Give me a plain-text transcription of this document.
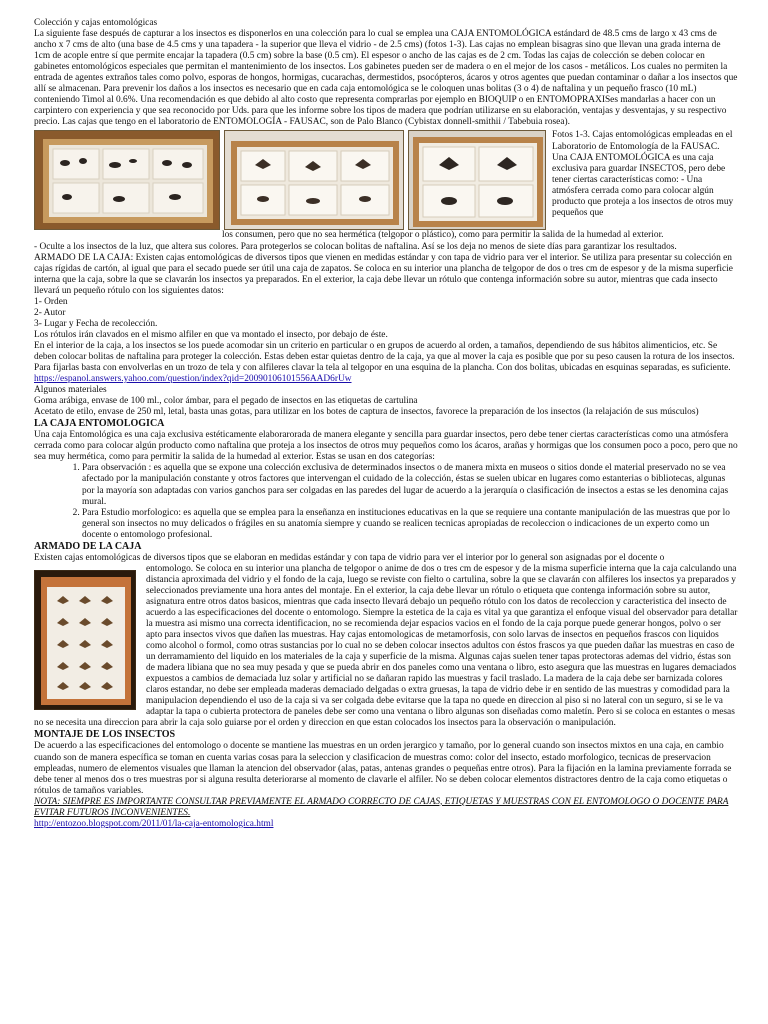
Colección y cajas entomológicas

La siguiente fase después de capturar a los insectos es disponerlos en una colección para lo cual se emplea una CAJA ENTOMOLÓGICA estándard de 48.5 cms de largo x 43 cms de ancho x 7 cms de alto (una base de 4.5 cms y una tapadera - la superior que lleva el vidrio - de 2.5 cms) (fotos 1-3). Las cajas no emplean bisagras sino que llevan una grada interna de 1cm de acople entre sí que permite encajar la tapadera (0.5 cm) sobre la base (0.5 cm). El espesor o ancho de las cajas es de 2 cm. Todas las cajas de colección se deben colocar en gabinetes entomológicos especiales que permitan el mantenimiento de los insectos. Los gabinetes pueden ser de madera o en el mejor de los casos - metálicos. Los cuales no permiten la entrada de agentes extraños tales como polvo, esporas de hongos, hormigas, cucarachas, dermestidos, psocópteros, ácaros y otros agentes que puedan contaminar o dañar a los insectos que allí se almacenan. Para prevenir los daños a los insectos es necesario que en cada caja entomológica se le coloquen unas bolitas (3 o 4) de naftalina y un pequeño frasco (10 mL) conteniendo Timol al 0.6%. Una recomendación es que debido al alto costo que representa comprarlas por ejemplo en BIOQUIP o en ENTOMOPRAXISes mandarlas a hacer con un carpintero con experiencia y que sea reconocido por Uds. para que les informe sobre los tipos de madera que podrían utilizarse en su elaboración, ventajas y desventajas, y su respectivo precio. Las cajas que tengo en el laboratorio de ENTOMOLOGÍA - FAUSAC, son de Palo Blanco (Cybistax donnell-smithii / Tabebuia rosea).

Fotos 1-3. Cajas entomológicas empleadas en el Laboratorio de Entomología de la FAUSAC.

Una CAJA ENTOMOLÓGICA es una caja exclusiva para guardar INSECTOS, pero debe tener ciertas características como: - Una atmósfera cerrada como para colocar algún producto que proteja a los insectos de otros muy pequeños que

los consumen, pero que no sea hermética (telgopor o plástico), como para permitir la salida de la humedad al exterior.

- Oculte a los insectos de la luz, que altera sus colores. Para protegerlos se colocan bolitas de naftalina. Así se los deja no menos de siete días para garantizar los resultados.

ARMADO DE LA CAJA: Existen cajas entomológicas de diversos tipos que vienen en medidas estándar y con tapa de vidrio para ver el interior. Se utiliza para presentar su colección en cajas rígidas de cartón, al igual que para el secado puede ser útil una caja de zapatos. Se coloca en su interior una plancha de telgopor de dos o tres cm de espesor y de la misma superficie interna que la caja, sobre la que se clavarán los insectos ya preparados. En el exterior, la caja debe llevar un rótulo que contenga información sobre su autor, mientras que cada insecto llevará un pequeño rótulo con los siguientes datos:

1- Orden

2- Autor

3- Lugar y Fecha de recolección.

Los rótulos irán clavados en el mismo alfiler en que va montado el insecto, por debajo de éste.

En el interior de la caja, a los insectos se los puede acomodar sin un criterio en particular o en grupos de acuerdo al orden, a tamaños, dependiendo de sus hábitos alimenticios, etc. Se deben colocar bolitas de naftalina para proteger la colección. Estas deben estar quietas dentro de la caja, ya que al mover la caja es posible que por su peso causen la rotura de los insectos. Para fijarlas basta con envolverlas en un trozo de tela y con alfileres clavar la tela al telgopor en una esquina de la plancha. Con dos bolitas, ubicadas en esquinas separadas, es suficiente.

https://espanol.answers.yahoo.com/question/index?qid=20090106101556AAD6rUw

Algunos materiales

Goma arábiga, envase de 100 ml., color ámbar, para el pegado de insectos en las etiquetas de cartulina

Acetato de etilo, envase de 250 ml, letal, basta unas gotas, para utilizar en los botes de captura de insectos, favorece la preparación de los insectos (la relajación de sus músculos)

LA CAJA ENTOMOLOGICA

Una caja Entomológica es una caja exclusiva estéticamente elaborarorada de manera elegante y sencilla para guardar insectos, pero debe tener ciertas características como una atmósfera cerrada como para colocar algún producto como naftalina que proteja a los insectos de otros muy pequeños como los ácaros, arañas y hormigas que los consumen poco a poco, pero que no sea muy hermética, como para permitir la salida de la humedad al exterior. Estas se usan en dos categorías:

1. Para observación : es aquella que se expone una colección exclusiva de determinados insectos o de manera mixta en museos o sitios donde el material preservado no se vea afectado por la manipulación constante y otros factores que intervengan el cuidado de la colección, éstas se suelen ubicar en lugares como estanterias o bibliotecas, algunas por la mayoría son adaptadas con varios ganchos para ser colgadas en las paredes del lugar de acuerdo a la jerarquía o clasificación de insectos a estas se les denomina cajas mural.
2. Para Estudio morfologico: es aquella que se emplea para la enseñanza en instituciones educativas en la que se requiere una contante manipulación de las muestras que por lo general son insectos no muy delicados o frágiles en su anatomía siempre y cuando se realicen tecnicas apropiadas de recoleccion o indicaciones de un experto como un docente o entomologo profesional.

ARMADO DE LA CAJA

Existen cajas entomológicas de diversos tipos que se elaboran en medidas estándar y con tapa de vidrio para ver el interior por lo general son asignadas por el docente o

entomologo. Se coloca en su interior una plancha de telgopor o anime de dos o tres cm de espesor y de la misma superficie interna que la caja calculando una distancia aproximada del vidrio y el fondo de la caja, luego se reviste con fielto o cartulina, sobre la que se clavarán con alfileres los insectos ya preparados y seleccionados previamente una hora antes del montaje. En el exterior, la caja debe llevar un rótulo o etiqueta que contenga información sobre su autor, asignatura entre otros datos basicos, mientras que cada insecto llevará debajo un pequeño rótulo con los datos de recoleccion y caracteristica del insecto de acuerdo a las especificaciones del docente o entomologo. Siempre la estetica de la caja es vital ya que garantiza el enfoque visual del observador para detallar la muestra asi mismo una correcta identificacion, no se recomienda dejar espacios vacios en el fondo de la caja porque puede generar hongos, polvo o ser apto para insectos vivos que dañen las muestras. Hay cajas entomologicas de metamorfosis, con solo larvas de insectos en pequeños frascos con liquidos como alcohol o formol, como otras sustancias por lo cual no se deben colocar insectos adultos con éstos frascos ya que pueden dañar las muestras en caso de un derramamiento del liquido en los materiales de la caja y superficie de la misma. Algunas cajas suelen tener tapas protectoras ademas del vidrio, éstas son de madera libiana que no sea muy pesada y que se pueda abrir en dos paneles como una ventana o libro, esto asegura que las muestras en lugares demaciados expuestos a cambios de demaciada luz solar y artificial no se dañaran rapido las muestras y facil traslado. La madera de la caja debe ser barnizada colores claros estandar, no debe ser empleada maderas demaciado delgadas o extra gruesas, la tapa de vidrio debe ir en sentido de las muestras y comodidad para la manipulacion dependiendo el uso de la caja si va ser colgada debe evitarse que la tapa no quede en direccion al piso si no lateral con un seguro, si se le va adaptar la tapa o cubierta protectora de paneles debe ser como una ventana o libro algunas son diseñadas como maletín. Pero si se coloca en estantes o mesas no se necesita una direccion para abrir la caja solo guiarse por el orden y direccion en que estan colocados los insectos para la observación o manipulación.

MONTAJE DE LOS INSECTOS

De acuerdo a las especificaciones del entomologo o docente se mantiene las muestras en un orden jerargico y tamaño, por lo general cuando son insectos mixtos en una caja, en cambio cuando son de manera específica se toman en cuenta varias cosas para la seleccion y clasificacion de muestras como: color del insecto, estado morfologico, tecnicas de preservacion empleadas, numero de elementos visuales que llaman la atencion del observador (alas, patas, antenas grandes o pequeñas entre otros). Para la fijación en la lamina previamente forrada se debe tener al menos dos o tres muestras por si alguna resulta deteriorarse al momento de clavarle el alfiler. No se deben colocar elementos distractores dentro de la caja como etiquetas o rótulos de tamaños variables.

NOTA: SIEMPRE ES IMPORTANTE CONSULTAR PREVIAMENTE EL ARMADO CORRECTO DE CAJAS, ETIQUETAS Y MUESTRAS CON EL ENTOMOLOGO O DOCENTE PARA EVITAR FUTUROS INCONVENIENTES.

http://entozoo.blogspot.com/2011/01/la-caja-entomologica.html
